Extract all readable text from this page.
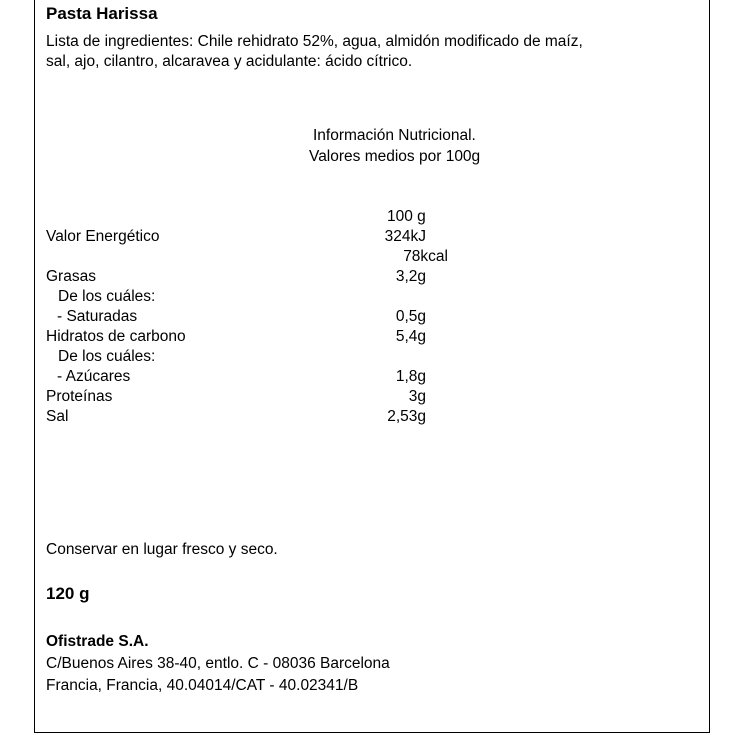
Pasta Harissa
Lista de ingredientes: Chile rehidrato 52%, agua, almidón modificado de maíz,
sal, ajo, cilantro, alcaravea y acidulante: ácido cítrico.
Información Nutricional.
Valores medios por 100g
100 g
Valor Energético	324kJ
78kcal
Grasas	3,2g
De los cuáles:
- Saturadas	0,5g
Hidratos de carbono	5,4g
De los cuáles:
- Azúcares	1,8g
Proteínas	3g
Sal	2,53g
Conservar en lugar fresco y seco.
120 g
Ofistrade S.A.
C/Buenos Aires 38-40, entlo. C - 08036 Barcelona
Francia, Francia, 40.04014/CAT - 40.02341/B
